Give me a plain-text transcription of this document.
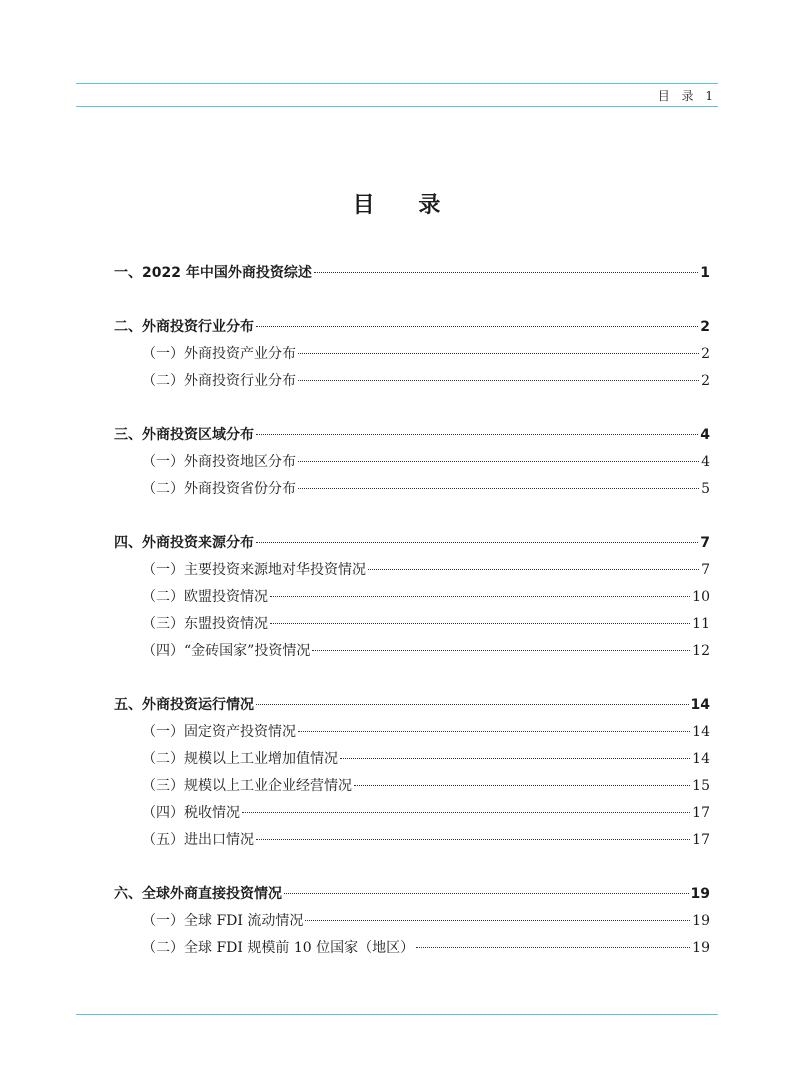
目 录 1
目 录
一、2022 年中国外商投资综述	1
二、外商投资行业分布	2
（一）外商投资产业分布	2
（二）外商投资行业分布	2
三、外商投资区域分布	4
（一）外商投资地区分布	4
（二）外商投资省份分布	5
四、外商投资来源分布	7
（一）主要投资来源地对华投资情况	7
（二）欧盟投资情况	10
（三）东盟投资情况	11
（四）“金砖国家”投资情况	12
五、外商投资运行情况	14
（一）固定资产投资情况	14
（二）规模以上工业增加值情况	14
（三）规模以上工业企业经营情况	15
（四）税收情况	17
（五）进出口情况	17
六、全球外商直接投资情况	19
（一）全球 FDI 流动情况	19
（二）全球 FDI 规模前 10 位国家（地区）	19
